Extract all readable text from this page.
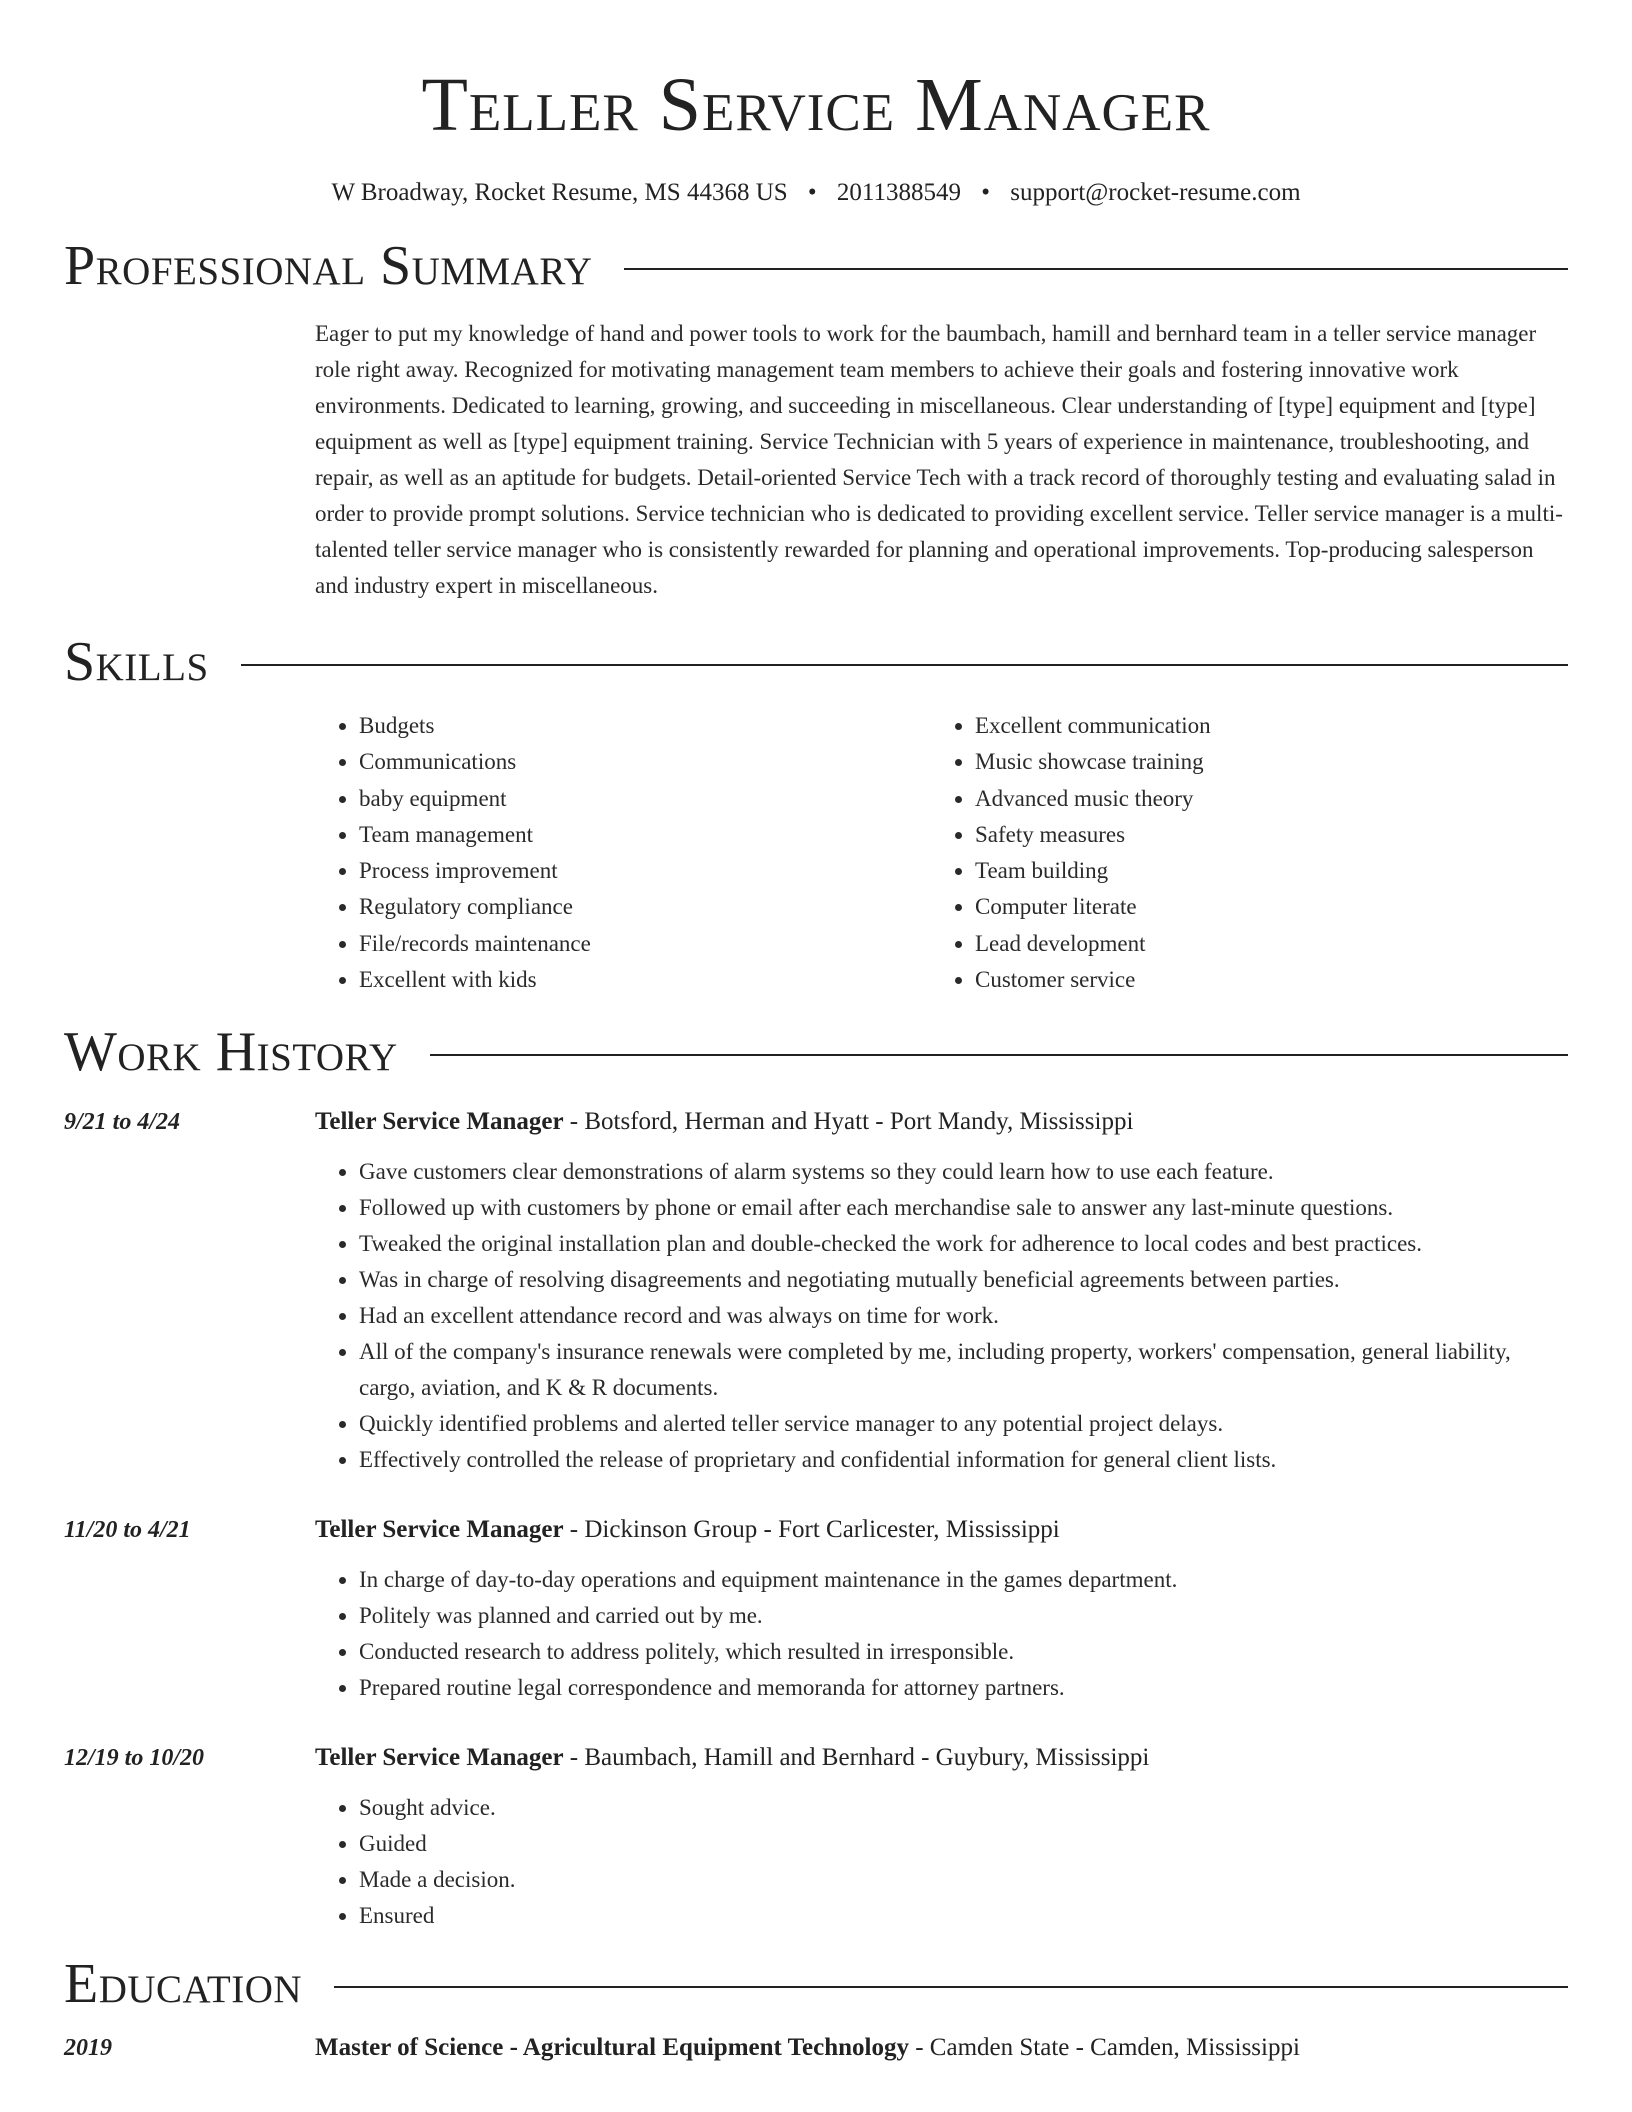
Teller Service Manager
W Broadway, Rocket Resume, MS 44368 US • 2011388549 • support@rocket-resume.com
Professional Summary

Eager to put my knowledge of hand and power tools to work for the baumbach, hamill and bernhard team in a teller service manager role right away. Recognized for motivating management team members to achieve their goals and fostering innovative work environments. Dedicated to learning, growing, and succeeding in miscellaneous. Clear understanding of [type] equipment and [type] equipment as well as [type] equipment training. Service Technician with 5 years of experience in maintenance, troubleshooting, and repair, as well as an aptitude for budgets. Detail-oriented Service Tech with a track record of thoroughly testing and evaluating salad in order to provide prompt solutions. Service technician who is dedicated to providing excellent service. Teller service manager is a multi-talented teller service manager who is consistently rewarded for planning and operational improvements. Top-producing salesperson and industry expert in miscellaneous.

Skills
• Budgets
• Communications
• baby equipment
• Team management
• Process improvement
• Regulatory compliance
• File/records maintenance
• Excellent with kids
• Excellent communication
• Music showcase training
• Advanced music theory
• Safety measures
• Team building
• Computer literate
• Lead development
• Customer service
Work History
9/21 to 4/24	Teller Service Manager - Botsford, Herman and Hyatt - Port Mandy, Mississippi
• Gave customers clear demonstrations of alarm systems so they could learn how to use each feature.
• Followed up with customers by phone or email after each merchandise sale to answer any last-minute questions.
• Tweaked the original installation plan and double-checked the work for adherence to local codes and best practices.
• Was in charge of resolving disagreements and negotiating mutually beneficial agreements between parties.
• Had an excellent attendance record and was always on time for work.
• All of the company's insurance renewals were completed by me, including property, workers' compensation, general liability, cargo, aviation, and K & R documents.
• Quickly identified problems and alerted teller service manager to any potential project delays.
• Effectively controlled the release of proprietary and confidential information for general client lists.
11/20 to 4/21	Teller Service Manager - Dickinson Group - Fort Carlicester, Mississippi
• In charge of day-to-day operations and equipment maintenance in the games department.
• Politely was planned and carried out by me.
• Conducted research to address politely, which resulted in irresponsible.
• Prepared routine legal correspondence and memoranda for attorney partners.
12/19 to 10/20	Teller Service Manager - Baumbach, Hamill and Bernhard - Guybury, Mississippi
• Sought advice.
• Guided
• Made a decision.
• Ensured
Education
2019	Master of Science - Agricultural Equipment Technology - Camden State - Camden, Mississippi
